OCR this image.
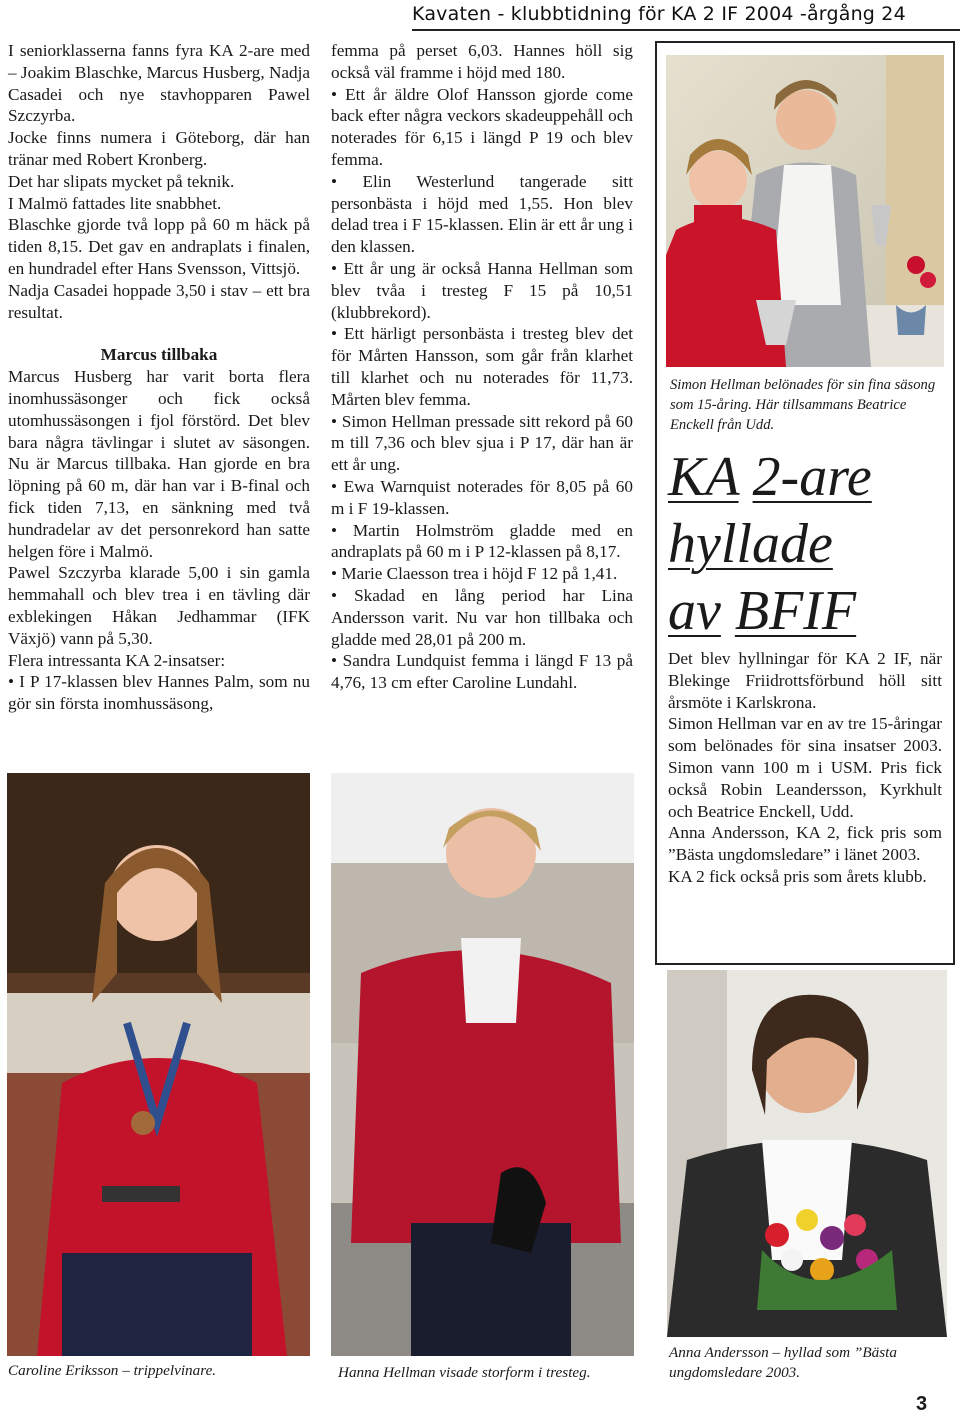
Kavaten - klubbtidning för KA 2 IF 2004 -årgång 24

I seniorklasserna fanns fyra KA 2-are med – Joakim Blaschke, Marcus Husberg, Nadja Casadei och nye stavhopparen Pawel Szczyrba.

Jocke finns numera i Göteborg, där han tränar med Robert Kronberg.

Det har slipats mycket på teknik.

I Malmö fattades lite snabbhet.

Blaschke gjorde två lopp på 60 m häck på tiden 8,15. Det gav en andraplats i finalen, en hundradel efter Hans Svensson, Vittsjö.

Nadja Casadei hoppade 3,50 i stav – ett bra resultat.

Marcus tillbaka

Marcus Husberg har varit borta flera inomhussäsonger och fick också utomhussäsongen i fjol förstörd. Det blev bara några tävlingar i slutet av säsongen. Nu är Marcus tillbaka. Han gjorde en bra löpning på 60 m, där han var i B-final och fick tiden 7,13, en sänkning med två hundradelar av det personrekord han satte helgen före i Malmö.

Pawel Szczyrba klarade 5,00 i sin gamla hemmahall och blev trea i en tävling där exblekingen Håkan Jedhammar (IFK Växjö) vann på 5,30.

Flera intressanta KA 2-insatser:

• I P 17-klassen blev Hannes Palm, som nu gör sin första inomhussäsong,

femma på perset 6,03. Hannes höll sig också väl framme i höjd med 180.

• Ett år äldre Olof Hansson gjorde come back efter några veckors skadeuppehåll och noterades för 6,15 i längd P 19 och blev femma.

• Elin Westerlund tangerade sitt personbästa i höjd med 1,55. Hon blev delad trea i F 15-klassen. Elin är ett år ung i den klassen.

• Ett år ung är också Hanna Hellman som blev tvåa i tresteg F 15 på 10,51 (klubbrekord).

• Ett härligt personbästa i tresteg blev det för Mårten Hansson, som går från klarhet till klarhet och nu noterades för 11,73. Mårten blev femma.

• Simon Hellman pressade sitt rekord på 60 m till 7,36 och blev sjua i P 17, där han är ett år ung.

• Ewa Warnquist noterades för 8,05 på 60 m i F 19-klassen.

• Martin Holmström gladde med en andraplats på 60 m i P 12-klassen på 8,17.

• Marie Claesson trea i höjd F 12 på 1,41.

• Skadad en lång period har Lina Andersson varit. Nu var hon tillbaka och gladde med 28,01 på 200 m.

• Sandra Lundquist femma i längd F 13 på 4,76, 13 cm efter Caroline Lundahl.

Simon Hellman belönades för sin fina säsong som 15-åring. Här tillsammans Beatrice Enckell från Udd.
KA 2-are
hyllade
av BFIF

Det blev hyllningar för KA 2 IF, när Blekinge Friidrottsförbund höll sitt årsmöte i Karlskrona.

Simon Hellman var en av tre 15-åringar som belönades för sina insatser 2003. Simon vann 100 m i USM. Pris fick också Robin Leandersson, Kyrkhult och Beatrice Enckell, Udd.

Anna Andersson, KA 2, fick pris som ”Bästa ungdomsledare” i länet 2003.

KA 2 fick också pris som årets klubb.

Caroline Eriksson – trippelvinare.	Hanna Hellman visade storform i tresteg.
Anna Andersson – hyllad som ”Bästa ungdomsledare 2003.
3
